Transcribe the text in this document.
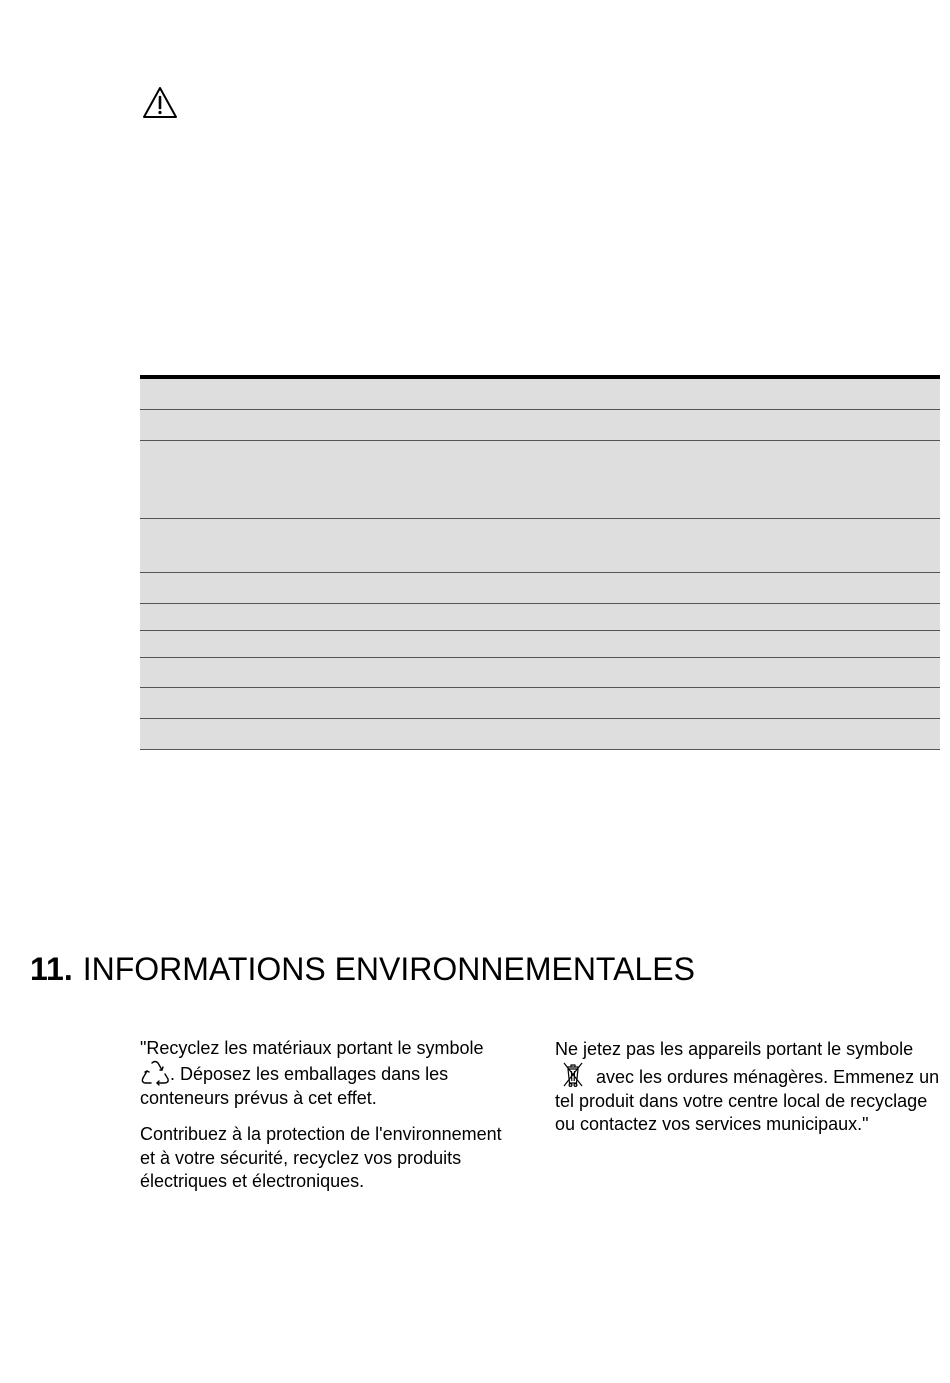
11. INFORMATIONS ENVIRONNEMENTALES

"Recyclez les matériaux portant le symbole . Déposez les emballages dans les conteneurs prévus à cet effet.

Contribuez à la protection de l'environnement et à votre sécurité, recyclez vos produits électriques et électroniques.

Ne jetez pas les appareils portant le symbole  avec les ordures ménagères. Emmenez un tel produit dans votre centre local de recyclage ou contactez vos services municipaux."
